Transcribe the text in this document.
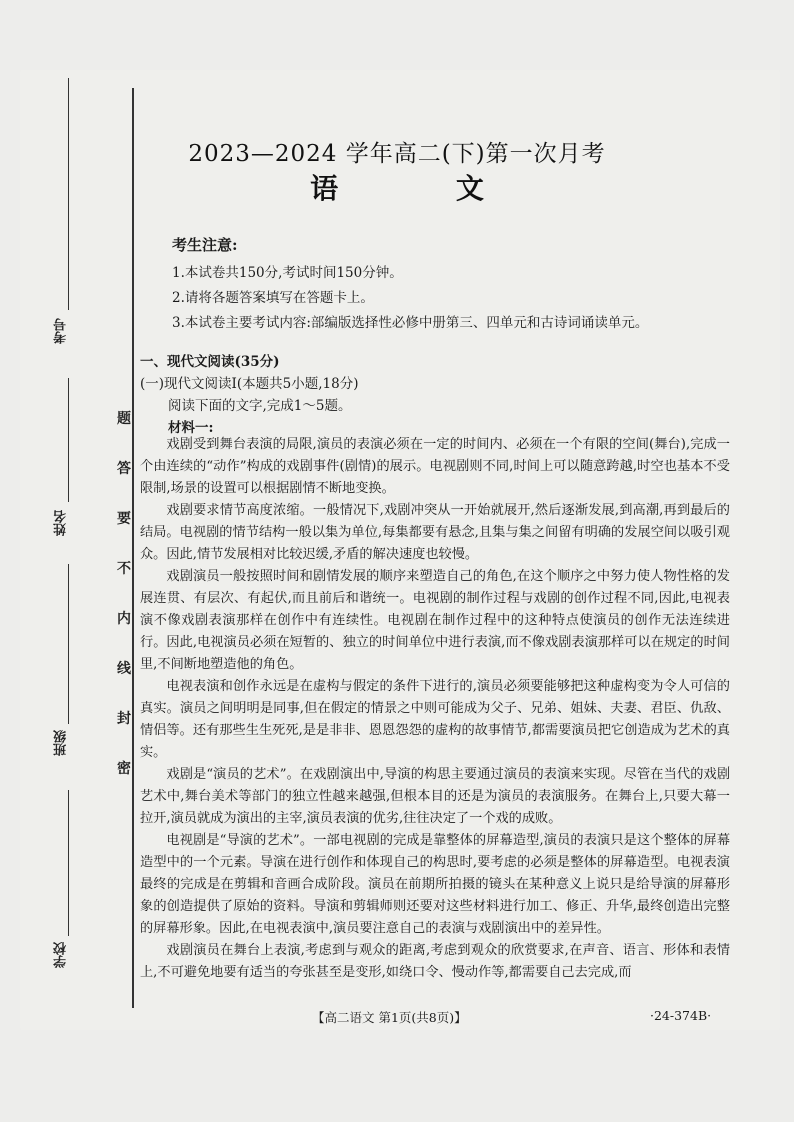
考号
姓名
班级
学校
题
答
要
不
内
线
封
密
2023—2024 学年高二(下)第一次月考
语 文
考生注意:
1.本试卷共150分,考试时间150分钟。
2.请将各题答案填写在答题卡上。
3.本试卷主要考试内容:部编版选择性必修中册第三、四单元和古诗词诵读单元。
一、现代文阅读(35分)
(一)现代文阅读Ⅰ(本题共5小题,18分)
阅读下面的文字,完成1～5题。
材料一:

戏剧受到舞台表演的局限,演员的表演必须在一定的时间内、必须在一个有限的空间(舞台),完成一个由连续的“动作”构成的戏剧事件(剧情)的展示。电视剧则不同,时间上可以随意跨越,时空也基本不受限制,场景的设置可以根据剧情不断地变换。

戏剧要求情节高度浓缩。一般情况下,戏剧冲突从一开始就展开,然后逐渐发展,到高潮,再到最后的结局。电视剧的情节结构一般以集为单位,每集都要有悬念,且集与集之间留有明确的发展空间以吸引观众。因此,情节发展相对比较迟缓,矛盾的解决速度也较慢。

戏剧演员一般按照时间和剧情发展的顺序来塑造自己的角色,在这个顺序之中努力使人物性格的发展连贯、有层次、有起伏,而且前后和谐统一。电视剧的制作过程与戏剧的创作过程不同,因此,电视表演不像戏剧表演那样在创作中有连续性。电视剧在制作过程中的这种特点使演员的创作无法连续进行。因此,电视演员必须在短暂的、独立的时间单位中进行表演,而不像戏剧表演那样可以在规定的时间里,不间断地塑造他的角色。

电视表演和创作永远是在虚构与假定的条件下进行的,演员必须要能够把这种虚构变为令人可信的真实。演员之间明明是同事,但在假定的情景之中则可能成为父子、兄弟、姐妹、夫妻、君臣、仇敌、情侣等。还有那些生生死死,是是非非、恩恩怨怨的虚构的故事情节,都需要演员把它创造成为艺术的真实。

戏剧是“演员的艺术”。在戏剧演出中,导演的构思主要通过演员的表演来实现。尽管在当代的戏剧艺术中,舞台美术等部门的独立性越来越强,但根本目的还是为演员的表演服务。在舞台上,只要大幕一拉开,演员就成为演出的主宰,演员表演的优劣,往往决定了一个戏的成败。

电视剧是“导演的艺术”。一部电视剧的完成是靠整体的屏幕造型,演员的表演只是这个整体的屏幕造型中的一个元素。导演在进行创作和体现自己的构思时,要考虑的必须是整体的屏幕造型。电视表演最终的完成是在剪辑和音画合成阶段。演员在前期所拍摄的镜头在某种意义上说只是给导演的屏幕形象的创造提供了原始的资料。导演和剪辑师则还要对这些材料进行加工、修正、升华,最终创造出完整的屏幕形象。因此,在电视表演中,演员要注意自己的表演与戏剧演出中的差异性。

戏剧演员在舞台上表演,考虑到与观众的距离,考虑到观众的欣赏要求,在声音、语言、形体和表情上,不可避免地要有适当的夸张甚至是变形,如绕口令、慢动作等,都需要自己去完成,而

【高二语文 第1页(共8页)】	·24-374B·
